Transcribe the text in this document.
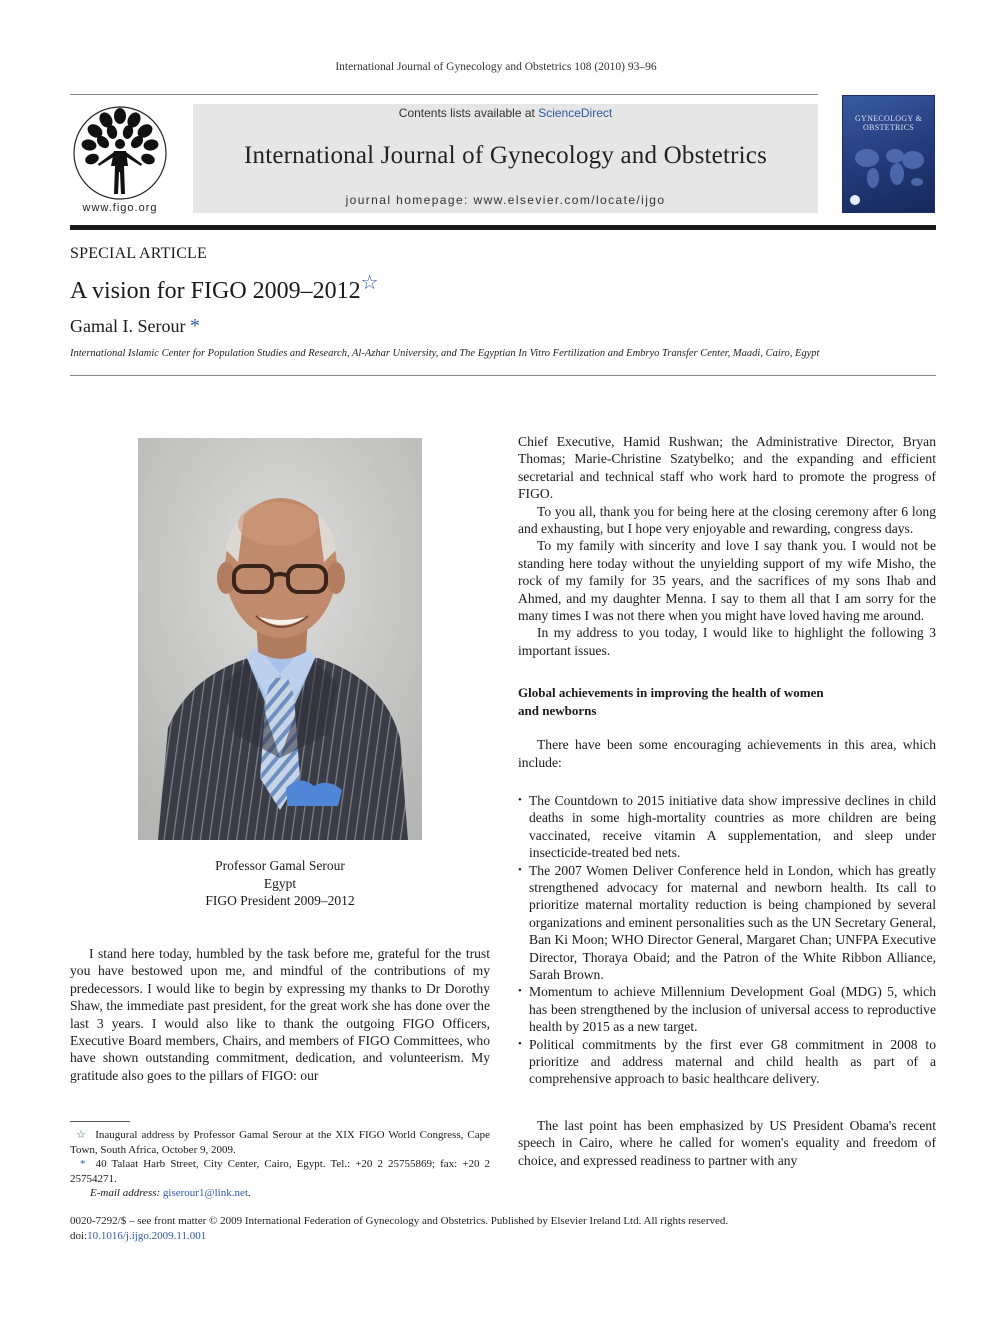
International Journal of Gynecology and Obstetrics 108 (2010) 93–96
www.figo.org
Contents lists available at ScienceDirect
International Journal of Gynecology and Obstetrics
journal homepage: www.elsevier.com/locate/ijgo
GYNECOLOGY & OBSTETRICS
SPECIAL ARTICLE
A vision for FIGO 2009–2012☆
Gamal I. Serour *
International Islamic Center for Population Studies and Research, Al-Azhar University, and The Egyptian In Vitro Fertilization and Embryo Transfer Center, Maadi, Cairo, Egypt
Professor Gamal Serour
Egypt
FIGO President 2009–2012

I stand here today, humbled by the task before me, grateful for the trust you have bestowed upon me, and mindful of the contributions of my predecessors. I would like to begin by expressing my thanks to Dr Dorothy Shaw, the immediate past president, for the great work she has done over the last 3 years. I would also like to thank the outgoing FIGO Officers, Executive Board members, Chairs, and members of FIGO Committees, who have shown outstanding commitment, dedication, and volunteerism. My gratitude also goes to the pillars of FIGO: our

Chief Executive, Hamid Rushwan; the Administrative Director, Bryan Thomas; Marie-Christine Szatybelko; and the expanding and efficient secretarial and technical staff who work hard to promote the progress of FIGO.

To you all, thank you for being here at the closing ceremony after 6 long and exhausting, but I hope very enjoyable and rewarding, congress days.

To my family with sincerity and love I say thank you. I would not be standing here today without the unyielding support of my wife Misho, the rock of my family for 35 years, and the sacrifices of my sons Ihab and Ahmed, and my daughter Menna. I say to them all that I am sorry for the many times I was not there when you might have loved having me around.

In my address to you today, I would like to highlight the following 3 important issues.

Global achievements in improving the health of women
and newborns

There have been some encouraging achievements in this area, which include:

• The Countdown to 2015 initiative data show impressive declines in child deaths in some high-mortality countries as more children are being vaccinated, receive vitamin A supplementation, and sleep under insecticide-treated bed nets.
• The 2007 Women Deliver Conference held in London, which has greatly strengthened advocacy for maternal and newborn health. Its call to prioritize maternal mortality reduction is being championed by several organizations and eminent personalities such as the UN Secretary General, Ban Ki Moon; WHO Director General, Margaret Chan; UNFPA Executive Director, Thoraya Obaid; and the Patron of the White Ribbon Alliance, Sarah Brown.
• Momentum to achieve Millennium Development Goal (MDG) 5, which has been strengthened by the inclusion of universal access to reproductive health by 2015 as a new target.
• Political commitments by the first ever G8 commitment in 2008 to prioritize and address maternal and child health as part of a comprehensive approach to basic healthcare delivery.

The last point has been emphasized by US President Obama's recent speech in Cairo, where he called for women's equality and freedom of choice, and expressed readiness to partner with any

☆ Inaugural address by Professor Gamal Serour at the XIX FIGO World Congress, Cape Town, South Africa, October 9, 2009.

* 40 Talaat Harb Street, City Center, Cairo, Egypt. Tel.: +20 2 25755869; fax: +20 2 25754271.

E-mail address: giserour1@link.net.

0020-7292/$ – see front matter © 2009 International Federation of Gynecology and Obstetrics. Published by Elsevier Ireland Ltd. All rights reserved.
doi:10.1016/j.ijgo.2009.11.001
